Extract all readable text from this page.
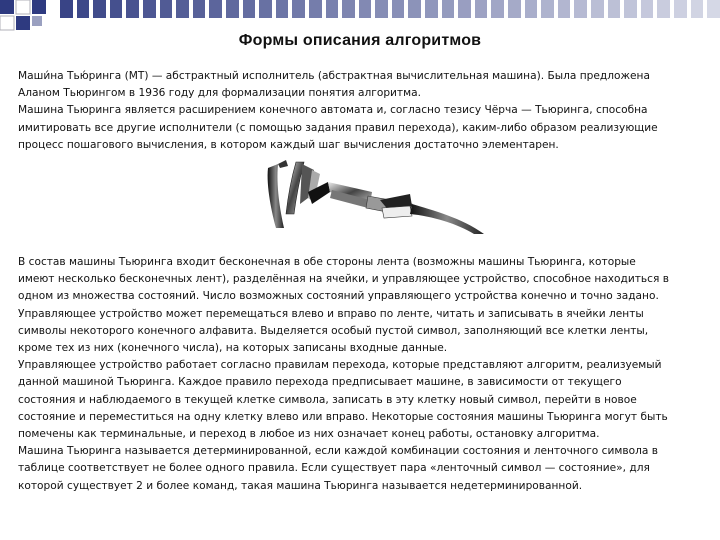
Формы описания алгоритмов
Маши́на Тью́ринга (МТ) — абстрактный исполнитель (абстрактная вычислительная машина). Была предложена
Аланом Тьюрингом в 1936 году для формализации понятия алгоритма.
Машина Тьюринга является расширением конечного автомата и, согласно тезису Чёрча — Тьюринга, способна
имитировать все другие исполнители (с помощью задания правил перехода), каким-либо образом реализующие
процесс пошагового вычисления, в котором каждый шаг вычисления достаточно элементарен.
В состав машины Тьюринга входит бесконечная в обе стороны лента (возможны машины Тьюринга, которые
имеют несколько бесконечных лент), разделённая на ячейки, и управляющее устройство, способное находиться в
одном из множества состояний. Число возможных состояний управляющего устройства конечно и точно задано.
Управляющее устройство может перемещаться влево и вправо по ленте, читать и записывать в ячейки ленты
символы некоторого конечного алфавита. Выделяется особый пустой символ, заполняющий все клетки ленты,
кроме тех из них (конечного числа), на которых записаны входные данные.
Управляющее устройство работает согласно правилам перехода, которые представляют алгоритм, реализуемый
данной машиной Тьюринга. Каждое правило перехода предписывает машине, в зависимости от текущего
состояния и наблюдаемого в текущей клетке символа, записать в эту клетку новый символ, перейти в новое
состояние и переместиться на одну клетку влево или вправо. Некоторые состояния машины Тьюринга могут быть
помечены как терминальные, и переход в любое из них означает конец работы, остановку алгоритма.
Машина Тьюринга называется детерминированной, если каждой комбинации состояния и ленточного символа в
таблице соответствует не более одного правила. Если существует пара «ленточный символ — состояние», для
которой существует 2 и более команд, такая машина Тьюринга называется недетерминированной.
